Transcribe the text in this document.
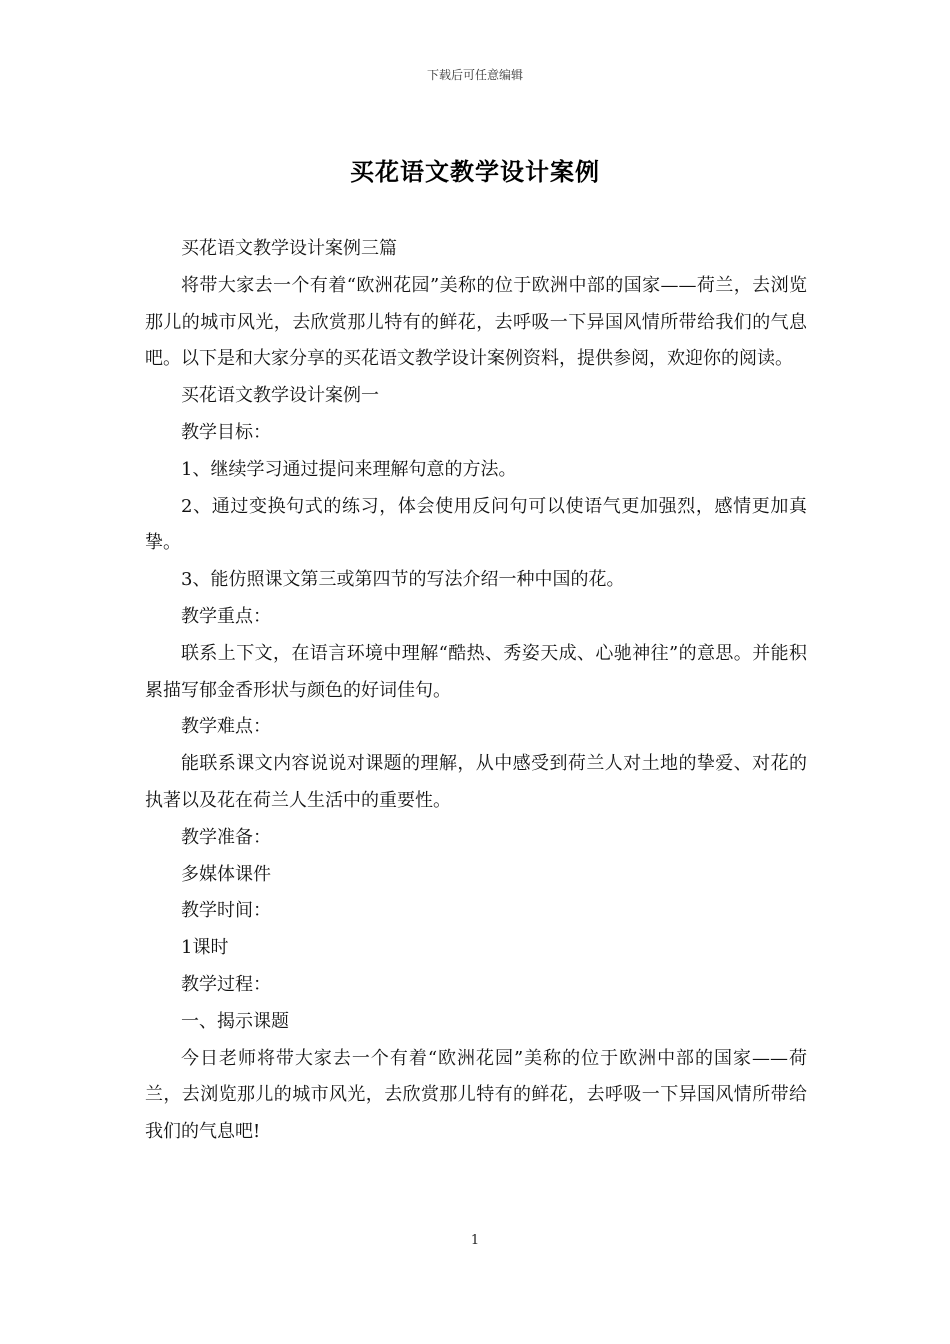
下载后可任意编辑
买花语文教学设计案例

买花语文教学设计案例三篇

将带大家去一个有着“欧洲花园”美称的位于欧洲中部的国家——荷兰，去浏览那儿的城市风光，去欣赏那儿特有的鲜花，去呼吸一下异国风情所带给我们的气息吧。以下是和大家分享的买花语文教学设计案例资料，提供参阅，欢迎你的阅读。

买花语文教学设计案例一

教学目标：

1、继续学习通过提问来理解句意的方法。

2、通过变换句式的练习，体会使用反问句可以使语气更加强烈，感情更加真挚。

3、能仿照课文第三或第四节的写法介绍一种中国的花。

教学重点：

联系上下文，在语言环境中理解“酷热、秀姿天成、心驰神往”的意思。并能积累描写郁金香形状与颜色的好词佳句。

教学难点：

能联系课文内容说说对课题的理解，从中感受到荷兰人对土地的挚爱、对花的执著以及花在荷兰人生活中的重要性。

教学准备：

多媒体课件

教学时间：

1课时

教学过程：

一、揭示课题

今日老师将带大家去一个有着“欧洲花园”美称的位于欧洲中部的国家——荷兰，去浏览那儿的城市风光，去欣赏那儿特有的鲜花，去呼吸一下异国风情所带给我们的气息吧!

1
